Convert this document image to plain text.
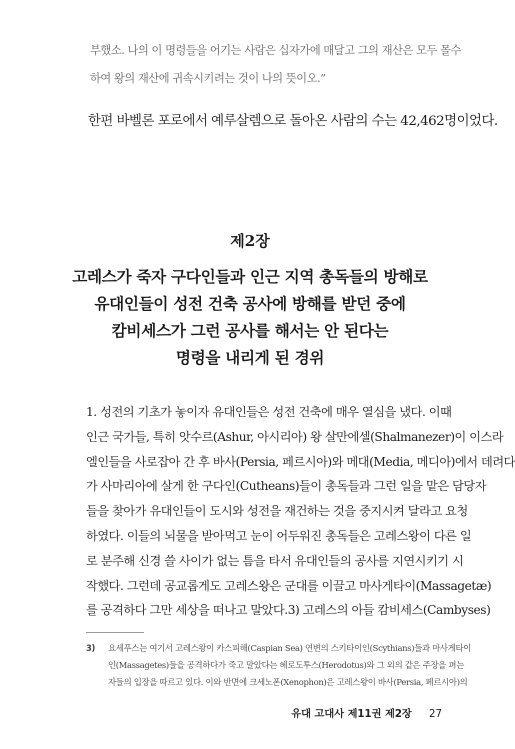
부했소. 나의 이 명령들을 어기는 사람은 십자가에 매달고 그의 재산은 모두 몰수
하여 왕의 재산에 귀속시키려는 것이 나의 뜻이오.”

한편 바벨론 포로에서 예루살렘으로 돌아온 사람의 수는 42,462명이었다.

제2장
고레스가 죽자 구다인들과 인근 지역 총독들의 방해로
유대인들이 성전 건축 공사에 방해를 받던 중에
캄비세스가 그런 공사를 해서는 안 된다는
명령을 내리게 된 경위
1. 성전의 기초가 놓이자 유대인들은 성전 건축에 매우 열심을 냈다. 이때
인근 국가들, 특히 앗수르(Ashur, 아시리아) 왕 살만에셀(Shalmanezer)이 이스라
엘인들을 사로잡아 간 후 바사(Persia, 페르시아)와 메대(Media, 메디아)에서 데려다
가 사마리아에 살게 한 구다인(Cutheans)들이 총독들과 그런 일을 맡은 담당자
들을 찾아가 유대인들이 도시와 성전을 재건하는 것을 중지시켜 달라고 요청
하였다. 이들의 뇌물을 받아먹고 눈이 어두워진 총독들은 고레스왕이 다른 일
로 분주해 신경 쓸 사이가 없는 틈을 타서 유대인들의 공사를 지연시키기 시
작했다. 그런데 공교롭게도 고레스왕은 군대를 이끌고 마사게타이(Massagetæ)
를 공격하다 그만 세상을 떠나고 말았다.3) 고레스의 아들 캄비세스(Cambyses)
3)	요세푸스는 여기서 고레스왕이 카스피해(Caspian Sea) 연변의 스키타이인(Scythians)들과 마사게타이
인(Massagetes)들을 공격하다가 죽고 말았다는 헤로도투스(Herodotus)와 그 외의 같은 주장을 펴는
자들의 입장을 따르고 있다. 이와 반면에 크세노폰(Xenophon)은 고레스왕이 바사(Persia, 페르시아)의
유대 고대사 제11권 제2장 27
